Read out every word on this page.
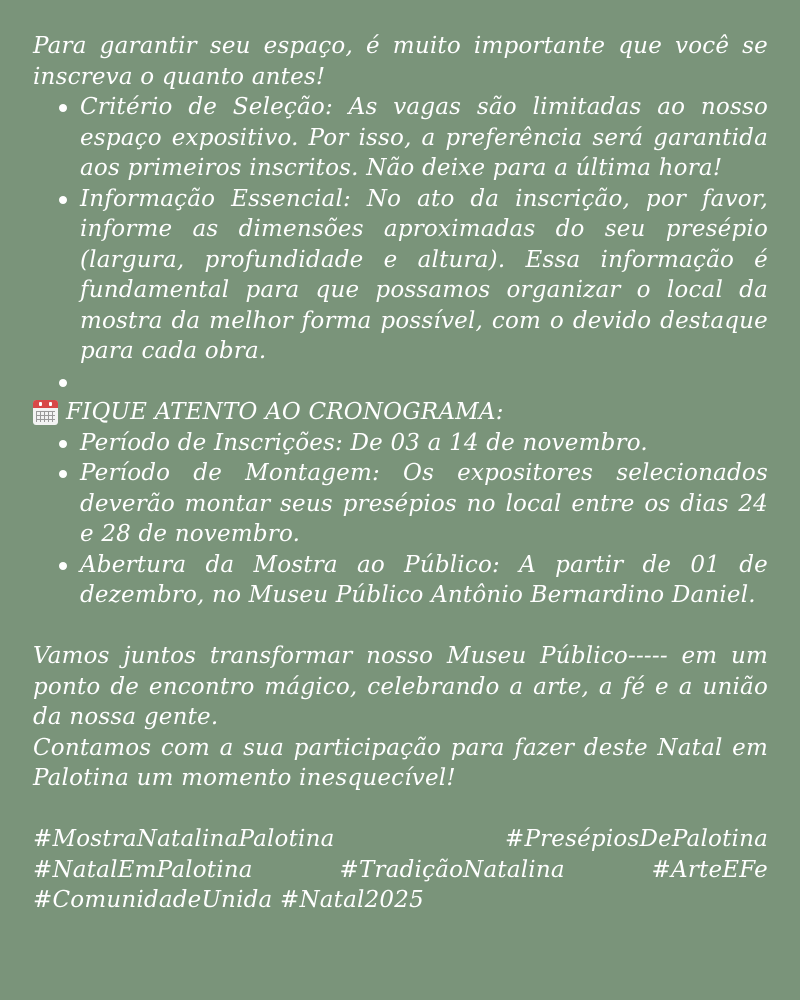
Para garantir seu espaço, é muito importante que você se inscreva o quanto antes!

Critério de Seleção: As vagas são limitadas ao nosso espaço expositivo. Por isso, a preferência será garantida aos primeiros inscritos. Não deixe para a última hora!
Informação Essencial: No ato da inscrição, por favor, informe as dimensões aproximadas do seu presépio (largura, profundidade e altura). Essa informação é fundamental para que possamos organizar o local da mostra da melhor forma possível, com o devido destaque para cada obra.
FIQUE ATENTO AO CRONOGRAMA:
Período de Inscrições: De 03 a 14 de novembro.
Período de Montagem: Os expositores selecionados deverão montar seus presépios no local entre os dias 24 e 28 de novembro.
Abertura da Mostra ao Público: A partir de 01 de dezembro, no Museu Público Antônio Bernardino Daniel.

Vamos juntos transformar nosso Museu Público----- em um ponto de encontro mágico, celebrando a arte, a fé e a união da nossa gente.

Contamos com a sua participação para fazer deste Natal em Palotina um momento inesquecível!

#MostraNatalinaPalotina #PresépiosDePalotina #NatalEmPalotina #TradiçãoNatalina #ArteEFe #ComunidadeUnida #Natal2025
